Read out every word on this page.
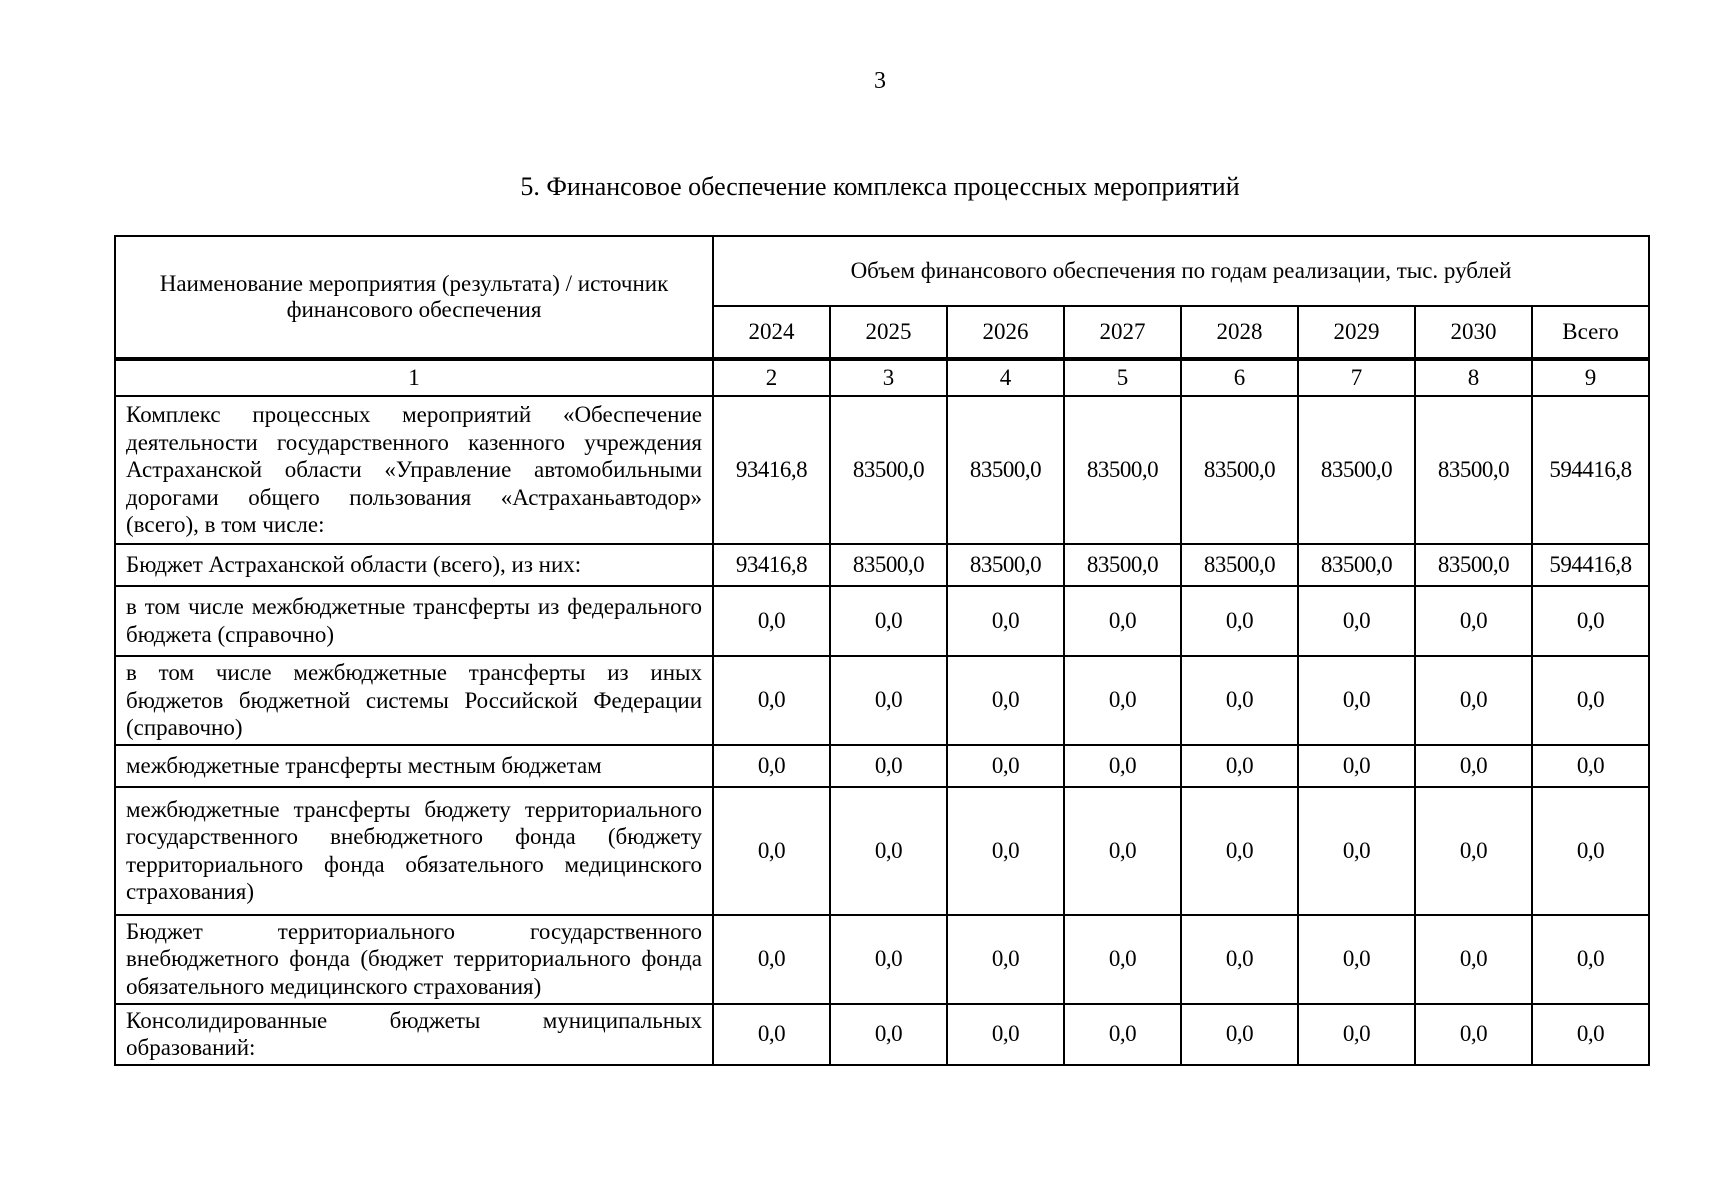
3
5. Финансовое обеспечение комплекса процессных мероприятий
Наименование мероприятия (результата) / источник финансового обеспечения	Объем финансового обеспечения по годам реализации, тыс. рублей							
	2024	2025	2026	2027	2028	2029	2030	Всего
1	2	3	4	5	6	7	8	9
Комплекс процессных мероприятий «Обеспечение деятельности государственного казенного учреждения Астраханской области «Управление автомобильными дорогами общего пользования «Астраханьавтодор» (всего), в том числе:	93416,8	83500,0	83500,0	83500,0	83500,0	83500,0	83500,0	594416,8
Бюджет Астраханской области (всего), из них:	93416,8	83500,0	83500,0	83500,0	83500,0	83500,0	83500,0	594416,8
в том числе межбюджетные трансферты из федерального бюджета (справочно)	0,0	0,0	0,0	0,0	0,0	0,0	0,0	0,0
в том числе межбюджетные трансферты из иных бюджетов бюджетной системы Российской Федерации (справочно)	0,0	0,0	0,0	0,0	0,0	0,0	0,0	0,0
межбюджетные трансферты местным бюджетам	0,0	0,0	0,0	0,0	0,0	0,0	0,0	0,0
межбюджетные трансферты бюджету территориального государственного внебюджетного фонда (бюджету территориального фонда обязательного медицинского страхования)	0,0	0,0	0,0	0,0	0,0	0,0	0,0	0,0
Бюджет территориального государственного внебюджетного фонда (бюджет территориального фонда обязательного медицинского страхования)	0,0	0,0	0,0	0,0	0,0	0,0	0,0	0,0
Консолидированные бюджеты муниципальных образований:	0,0	0,0	0,0	0,0	0,0	0,0	0,0	0,0
